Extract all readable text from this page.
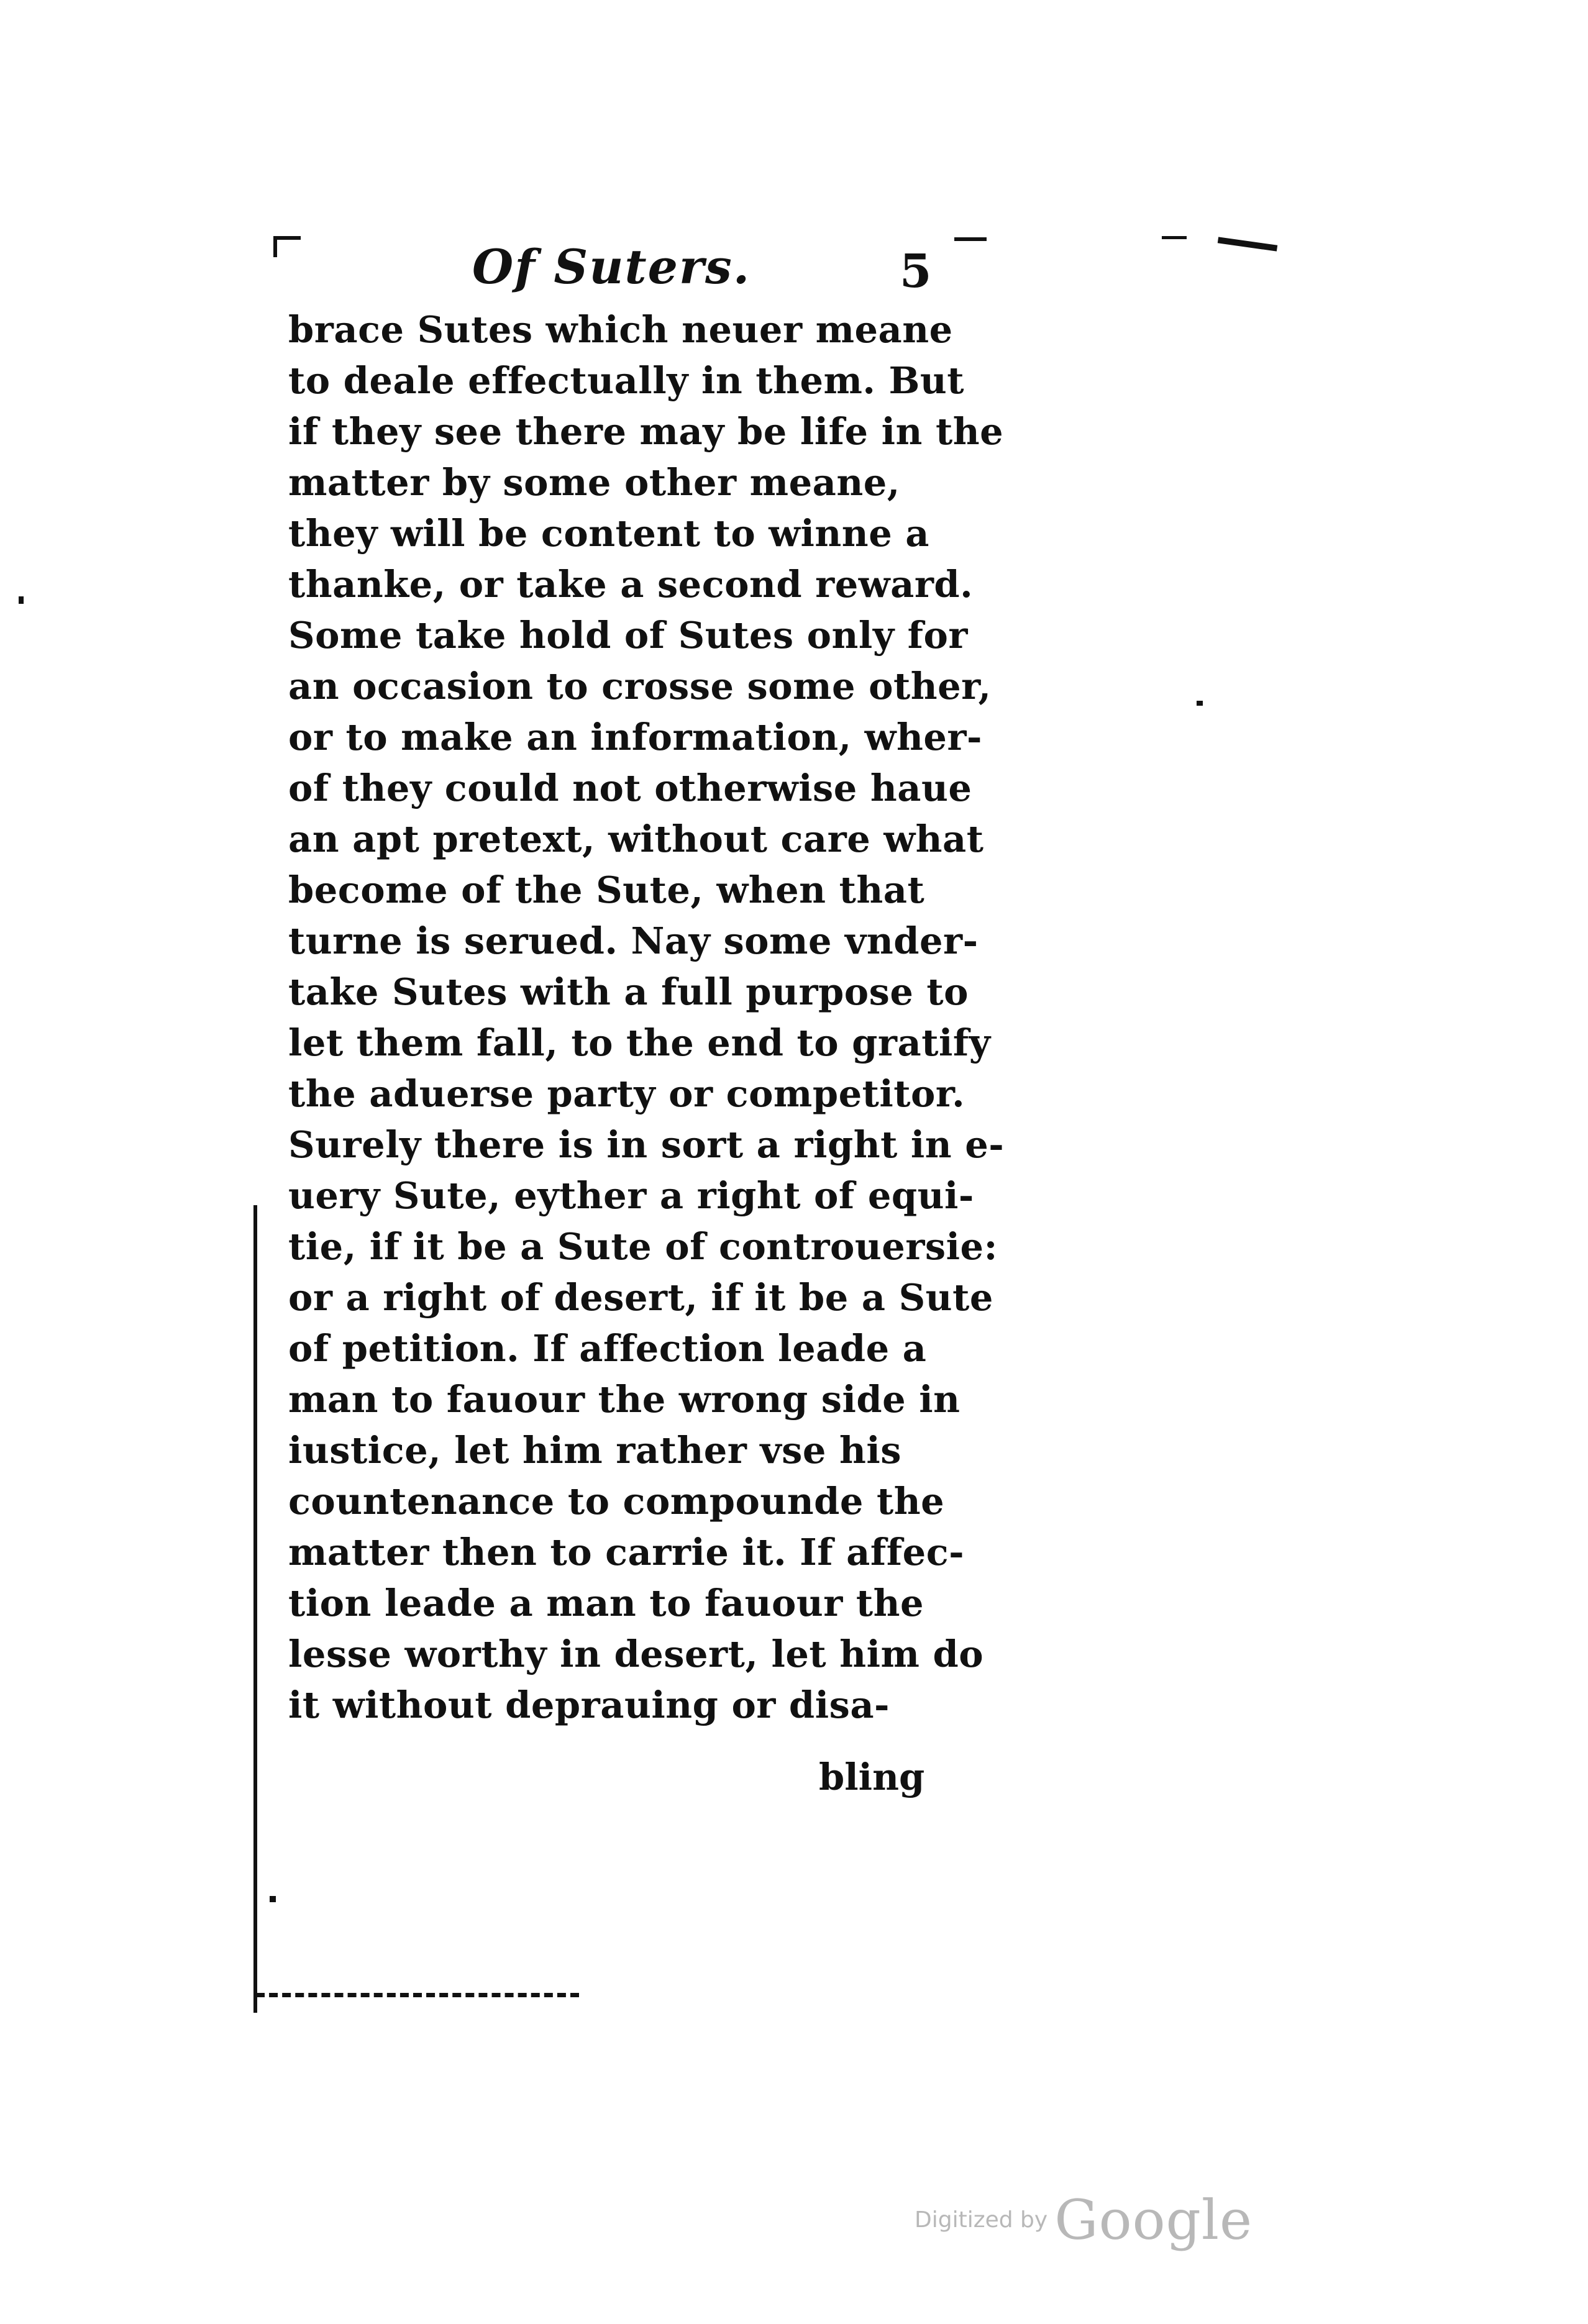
Of Suters.	5
brace Sutes which neuer meane
to deale effectually in them. But
if they see there may be life in the
matter by some other meane,
they will be content to winne a
thanke, or take a second reward.
Some take hold of Sutes only for
an occasion to crosse some other,
or to make an information, wher-
of they could not otherwise haue
an apt pretext, without care what
become of the Sute, when that
turne is serued. Nay some vnder-
take Sutes with a full purpose to
let them fall, to the end to gratify
the aduerse party or competitor.
Surely there is in sort a right in e-
uery Sute, eyther a right of equi-
tie, if it be a Sute of controuersie:
or a right of desert, if it be a Sute
of petition. If affection leade a
man to fauour the wrong side in
iustice, let him rather vse his
countenance to compounde the
matter then to carrie it. If affec-
tion leade a man to fauour the
lesse worthy in desert, let him do
it without deprauing or disa-
bling
Digitized by Google
